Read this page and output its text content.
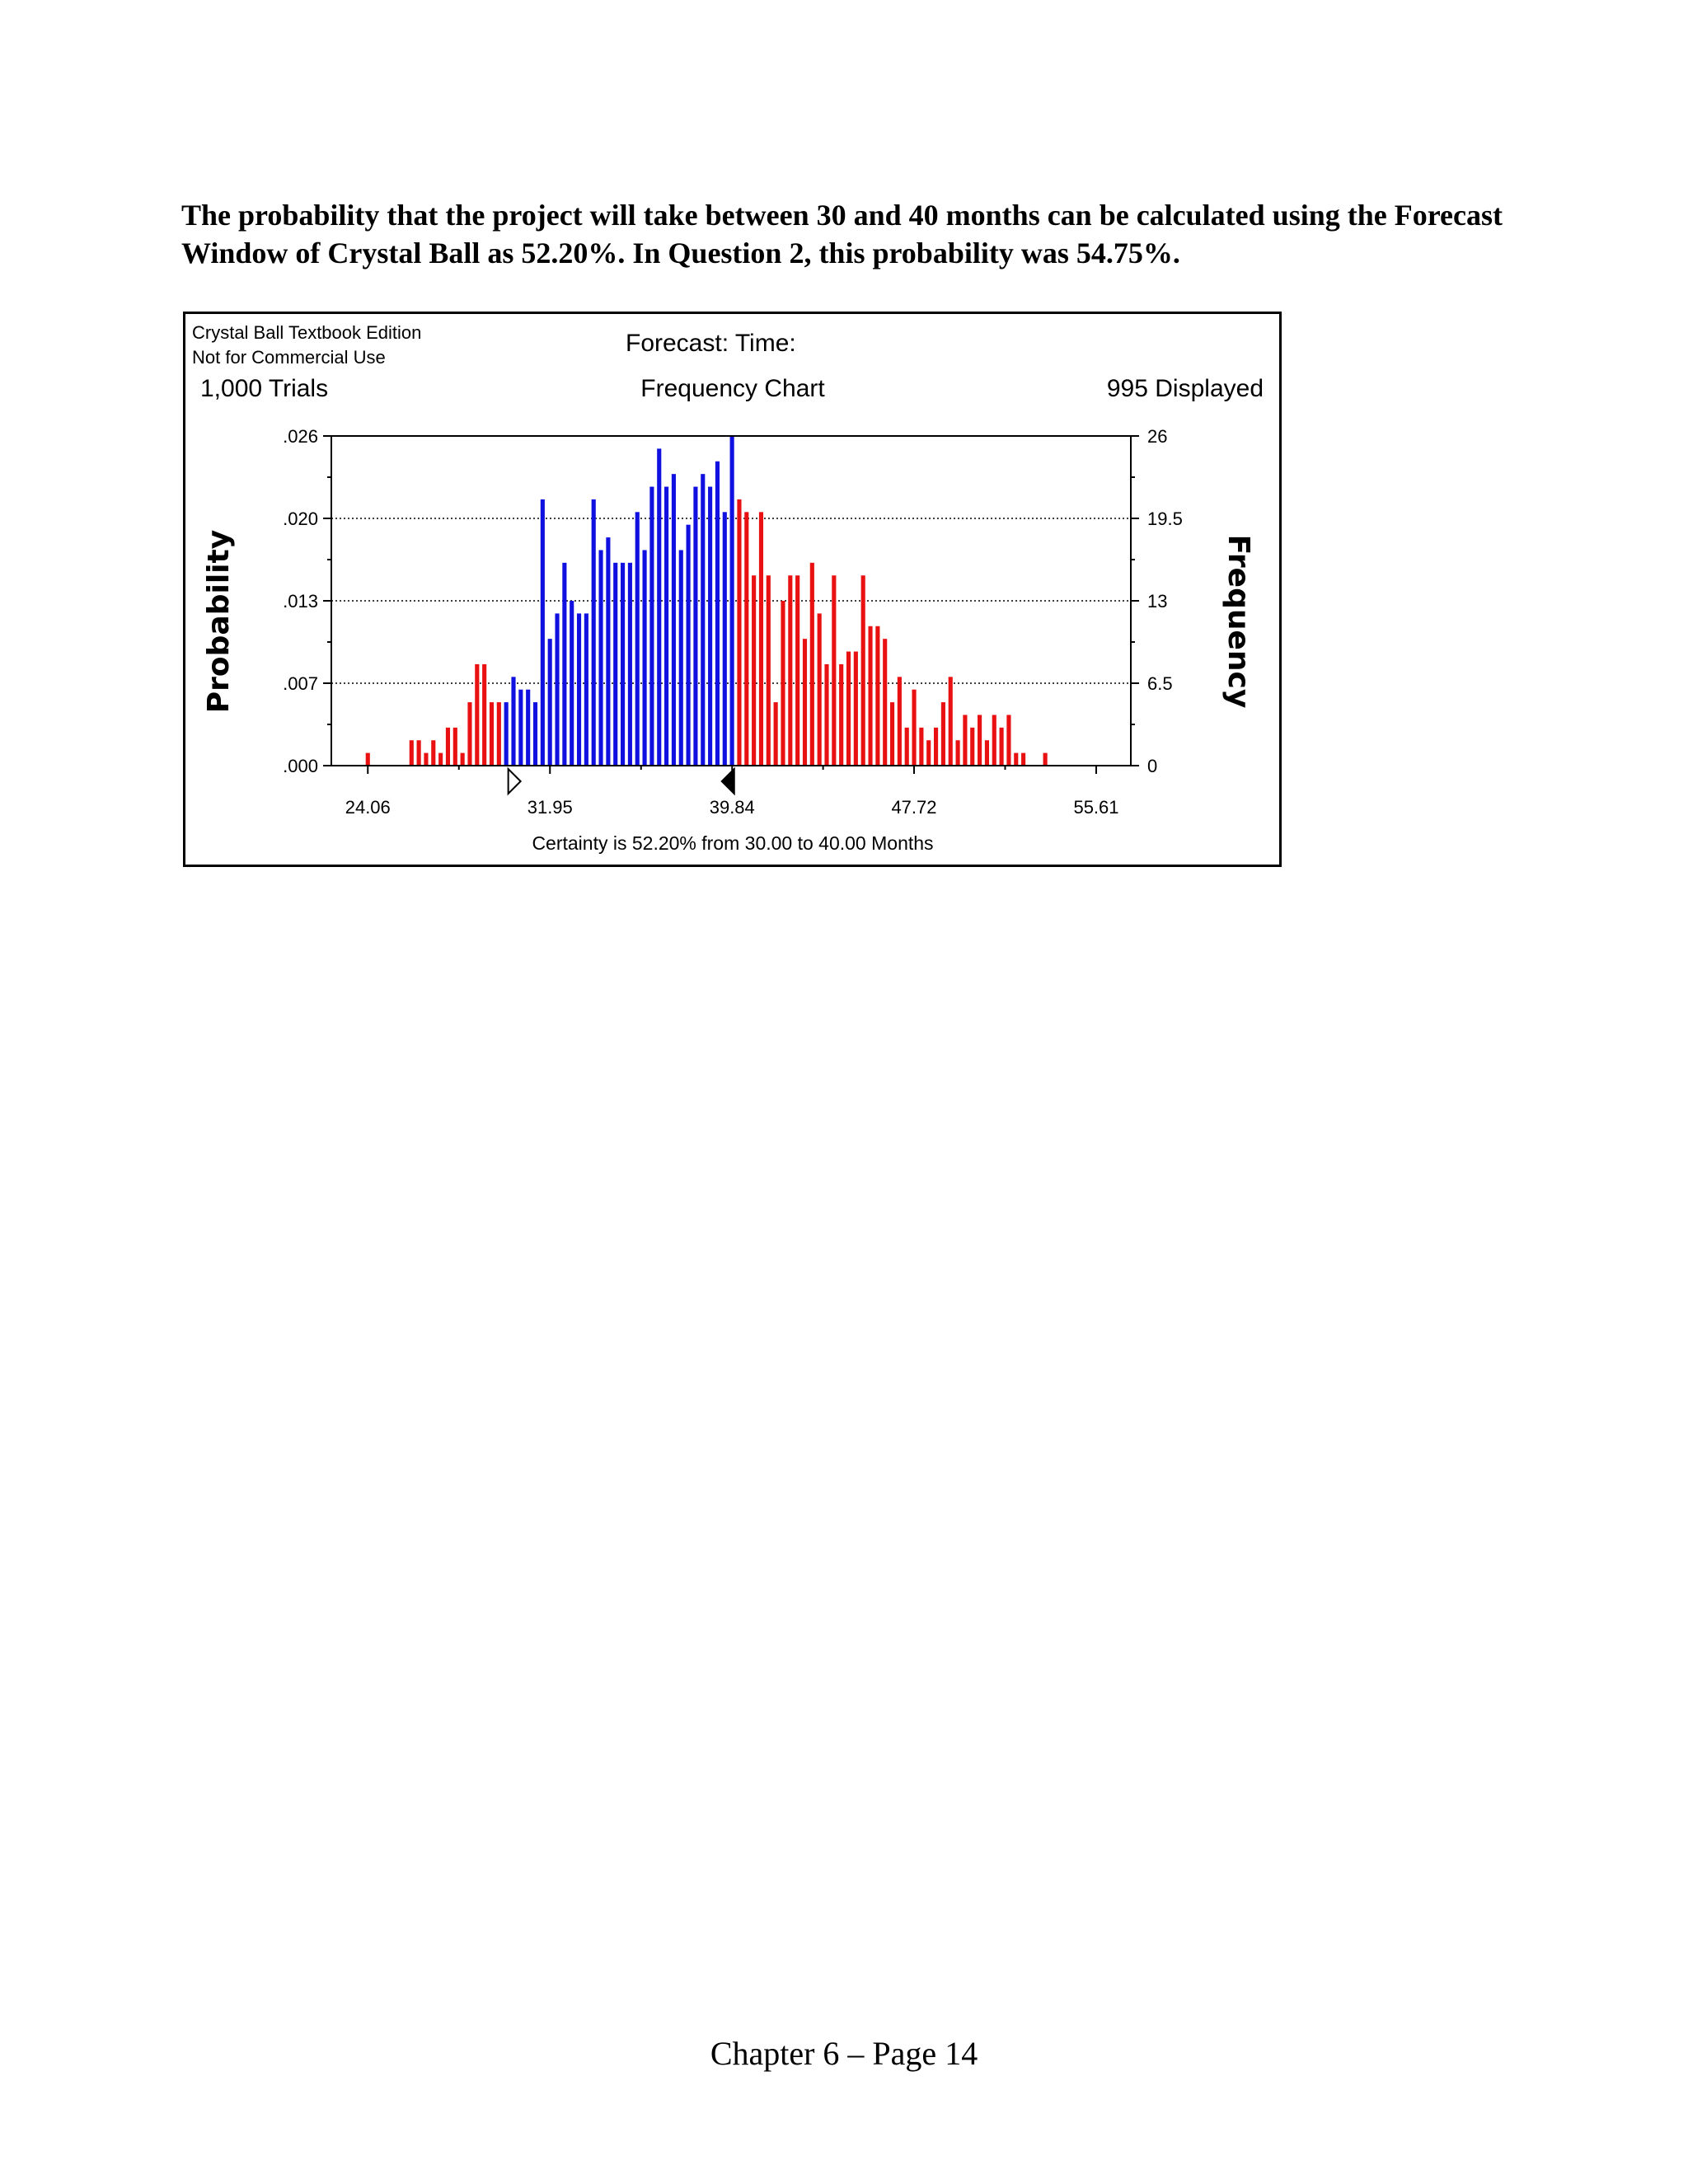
The probability that the project will take between 30 and 40 months can be calculated using the Forecast Window of Crystal Ball as 52.20%. In Question 2, this probability was 54.75%.

Crystal Ball Textbook Edition
Not for Commercial Use
Forecast: Time:
1,000 Trials	Frequency Chart	995 Displayed
.000
.007
.013
.020
.026
0
6.5
13
19.5
26
24.06	31.95	39.84	47.72	55.61
Probability	Frequency
Certainty is 52.20% from 30.00 to 40.00 Months
Chapter 6 – Page 14
